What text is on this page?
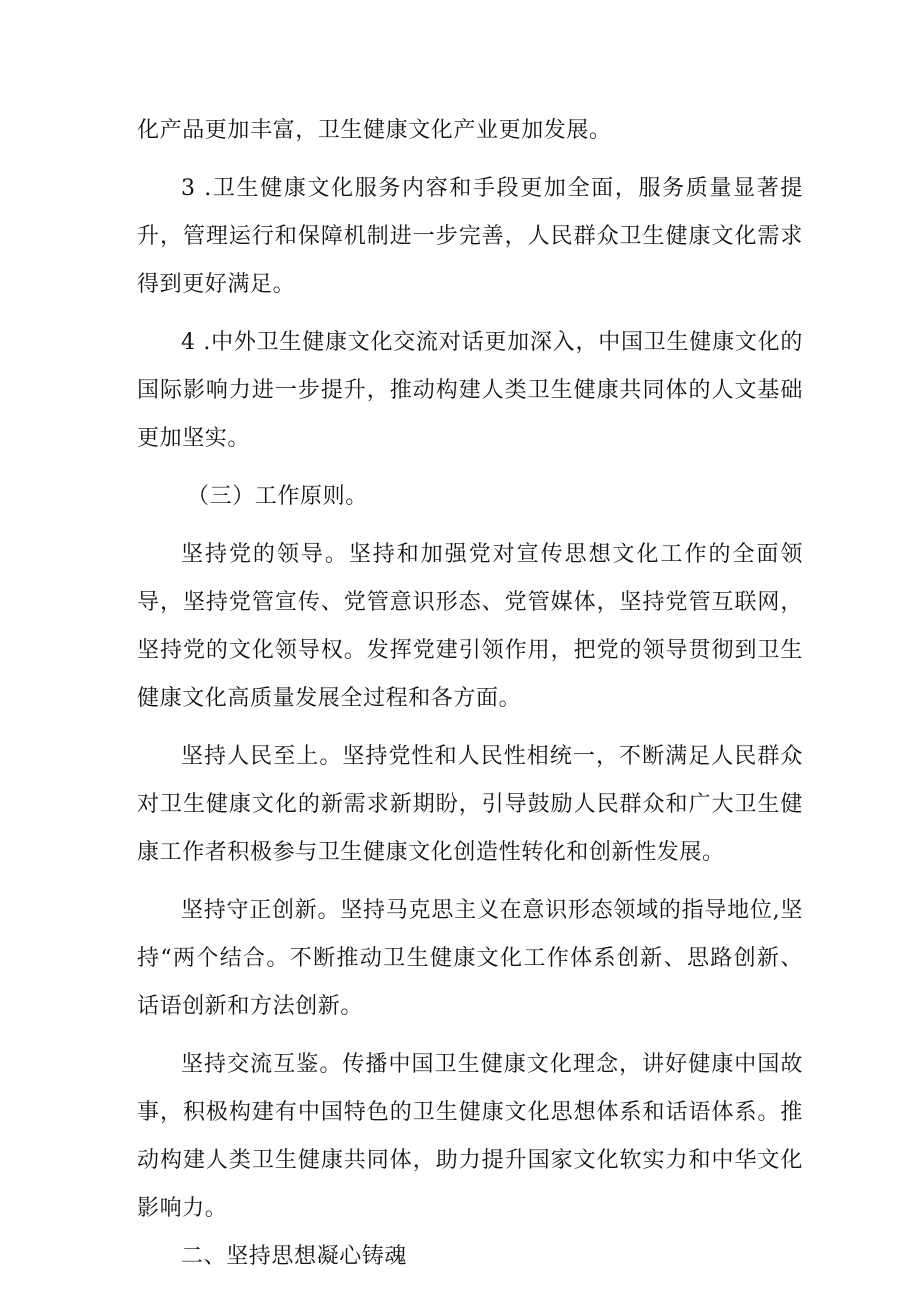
化产品更加丰富，卫生健康文化产业更加发展。

3 .卫生健康文化服务内容和手段更加全面，服务质量显著提升，管理运行和保障机制进一步完善，人民群众卫生健康文化需求得到更好满足。

4 .中外卫生健康文化交流对话更加深入，中国卫生健康文化的国际影响力进一步提升，推动构建人类卫生健康共同体的人文基础更加坚实。

（三）工作原则。

坚持党的领导。坚持和加强党对宣传思想文化工作的全面领导，坚持党管宣传、党管意识形态、党管媒体，坚持党管互联网，坚持党的文化领导权。发挥党建引领作用，把党的领导贯彻到卫生健康文化高质量发展全过程和各方面。

坚持人民至上。坚持党性和人民性相统一，不断满足人民群众对卫生健康文化的新需求新期盼，引导鼓励人民群众和广大卫生健康工作者积极参与卫生健康文化创造性转化和创新性发展。

坚持守正创新。坚持马克思主义在意识形态领域的指导地位,坚持“两个结合。不断推动卫生健康文化工作体系创新、思路创新、话语创新和方法创新。

坚持交流互鉴。传播中国卫生健康文化理念，讲好健康中国故事，积极构建有中国特色的卫生健康文化思想体系和话语体系。推动构建人类卫生健康共同体，助力提升国家文化软实力和中华文化影响力。

二、坚持思想凝心铸魂
